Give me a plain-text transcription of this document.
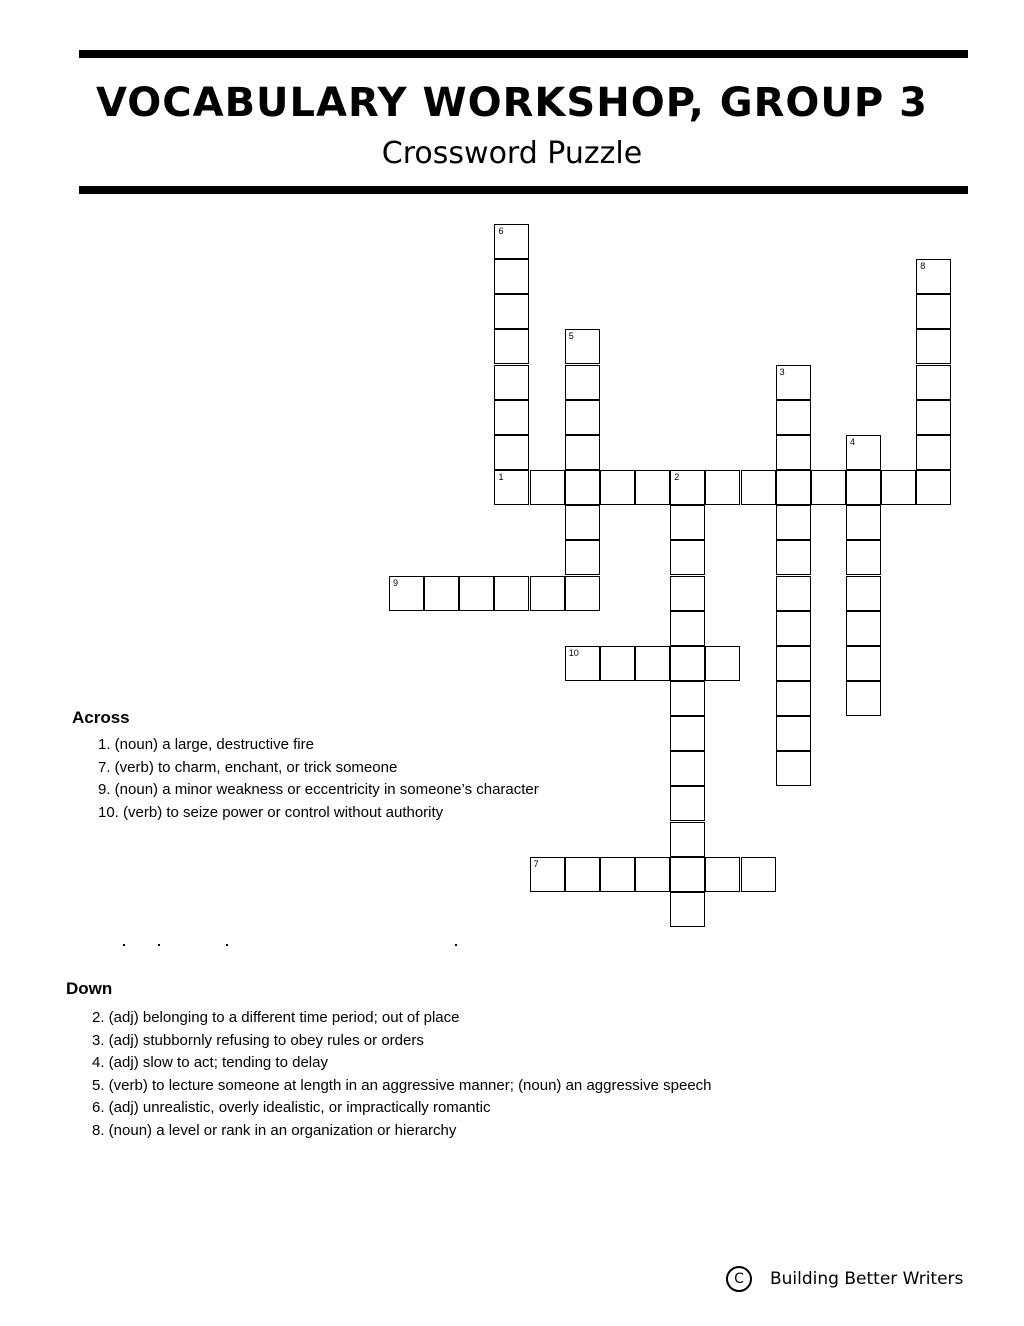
VOCABULARY WORKSHOP, GROUP 3
Crossword Puzzle
1	2
3
4
5
6
7
8
9
10
Across
1. (noun) a large, destructive fire
7. (verb) to charm, enchant, or trick someone
9. (noun) a minor weakness or eccentricity in someone’s character
10. (verb) to seize power or control without authority
Down
2. (adj) belonging to a different time period; out of place
3. (adj) stubbornly refusing to obey rules or orders
4. (adj) slow to act; tending to delay
5. (verb) to lecture someone at length in an aggressive manner; (noun) an aggressive speech
6. (adj) unrealistic, overly idealistic, or impractically romantic
8. (noun) a level or rank in an organization or hierarchy
C	Building Better Writers
